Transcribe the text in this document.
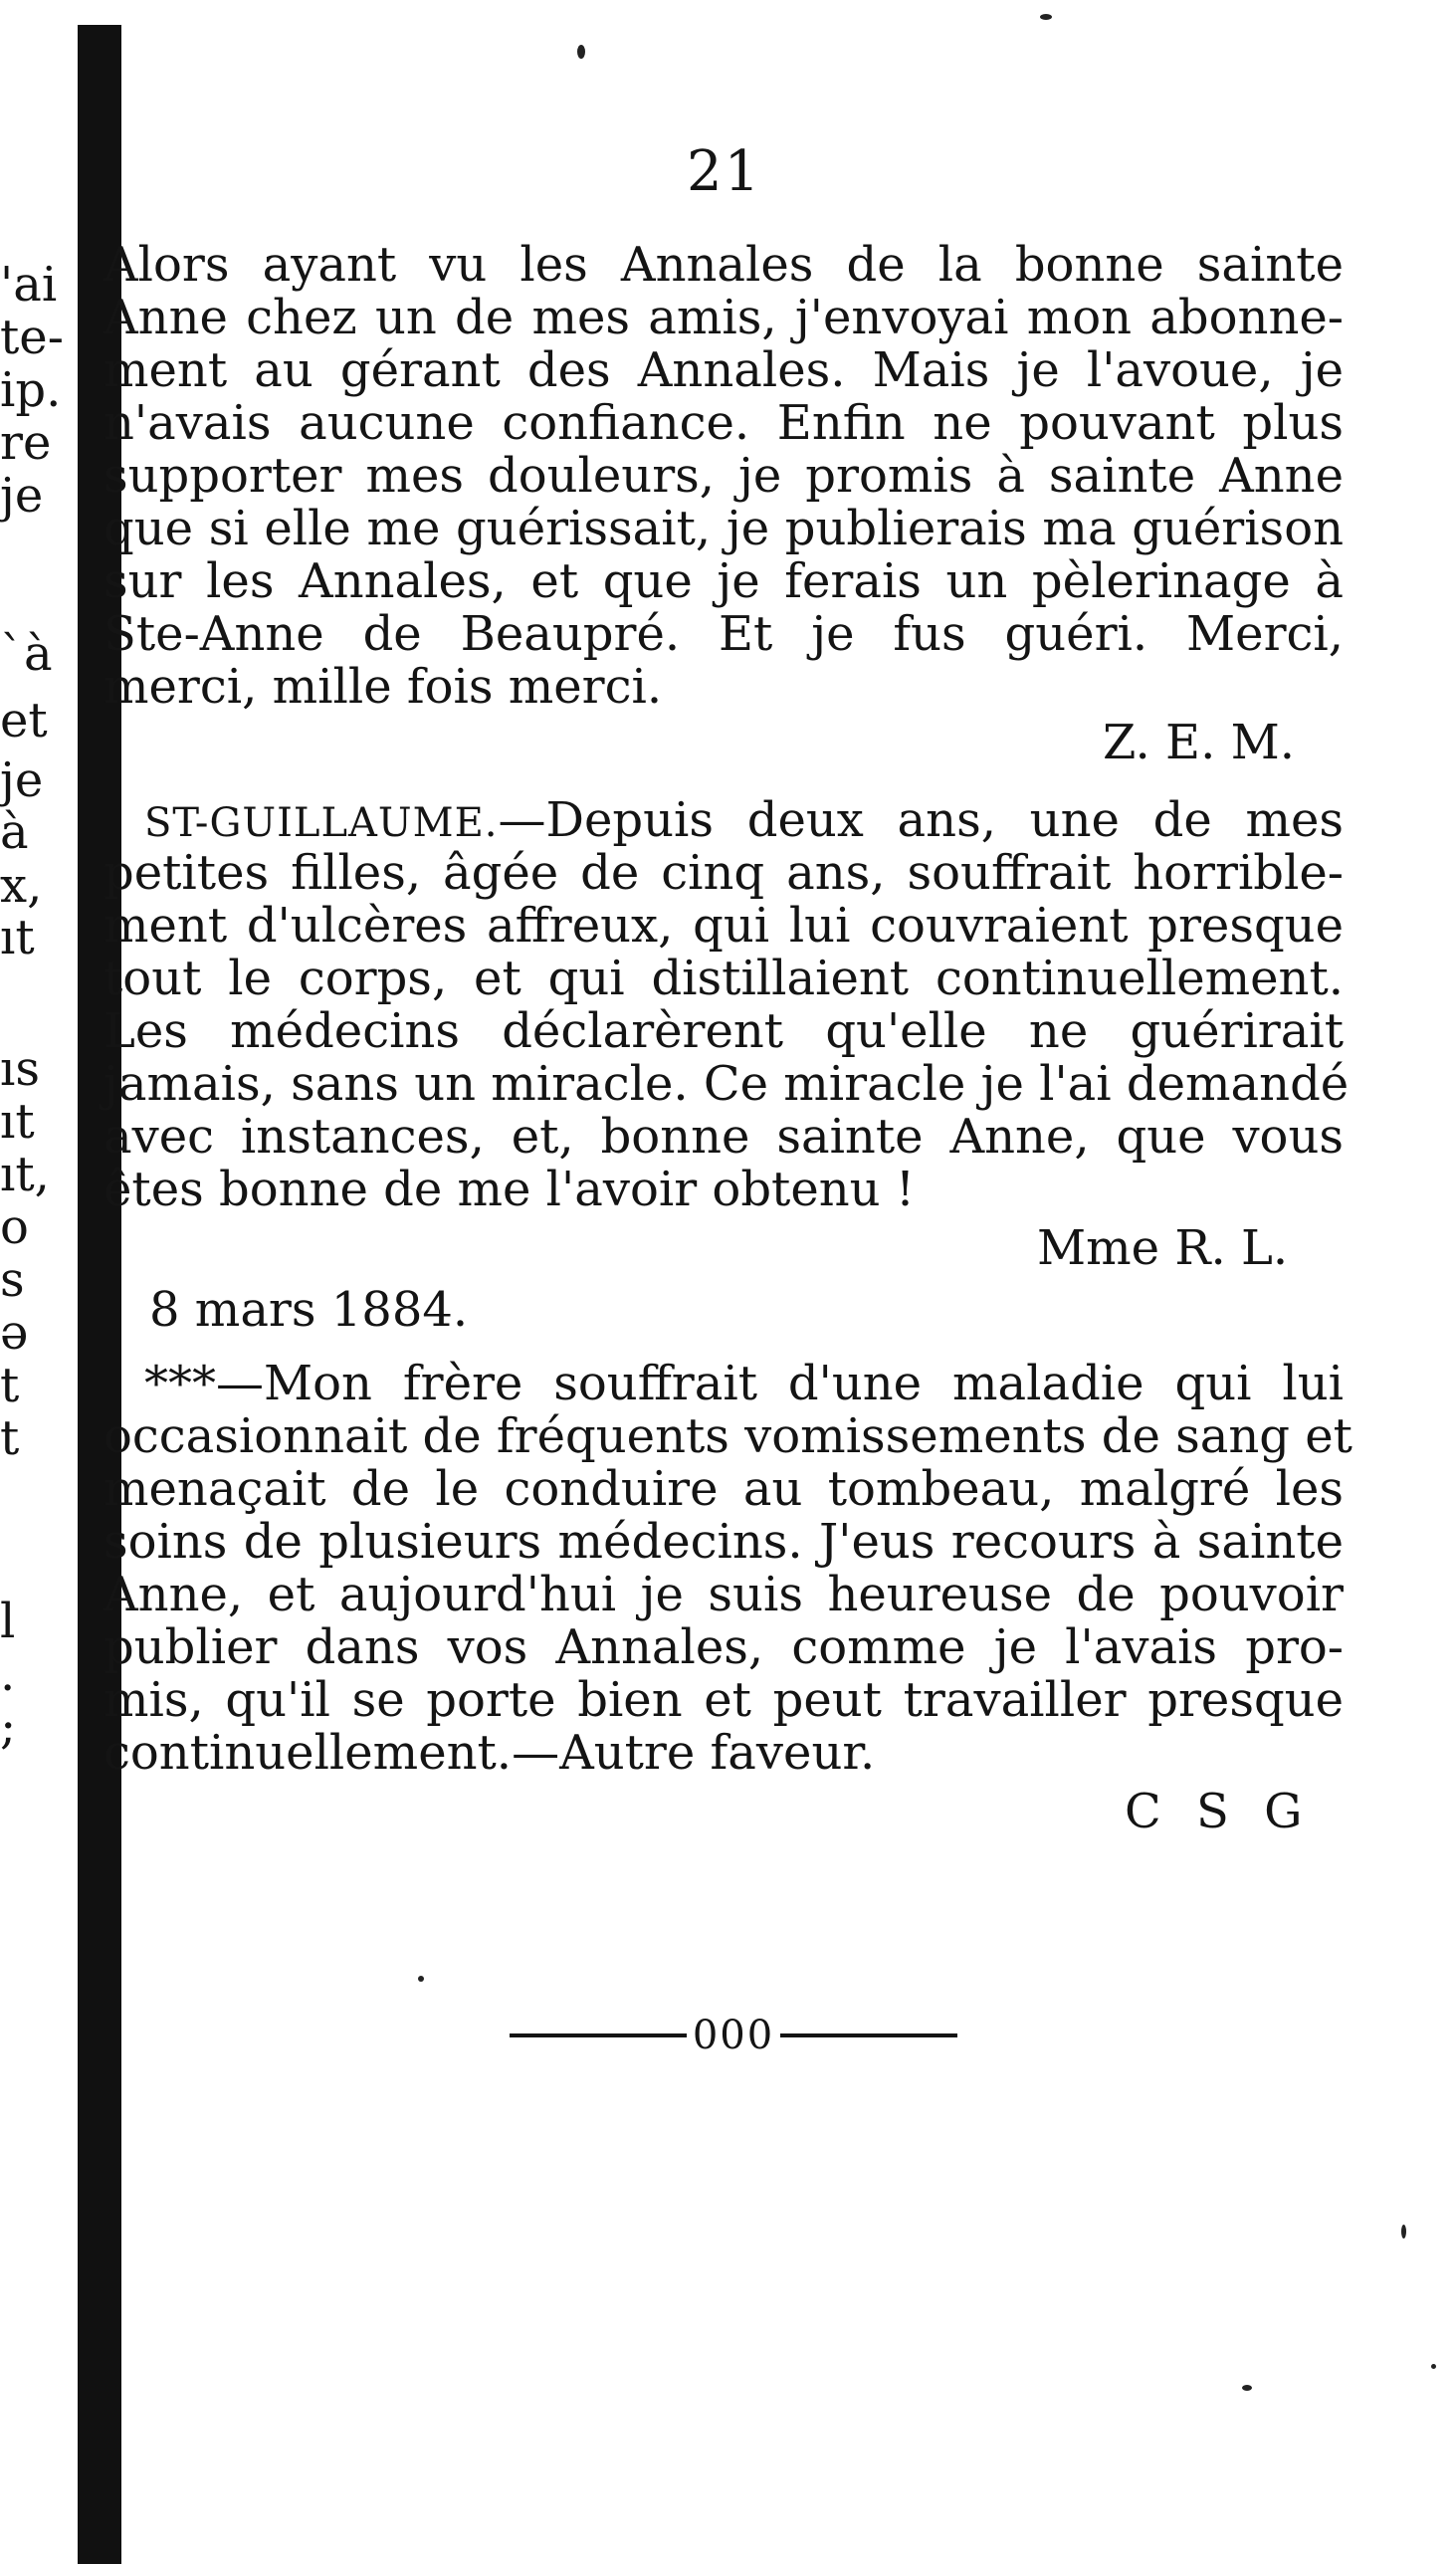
'ai
te-
ip.
re
je
`à
et
je
à
x,
ıt
ıs
ıt
ıt,
o
s
ə
t
t
l
.
;
21
Alors ayant vu les Annales de la bonne sainte
Anne chez un de mes amis, j'envoyai mon abonne-
ment au gérant des Annales. Mais je l'avoue, je
n'avais aucune confiance. Enfin ne pouvant plus
supporter mes douleurs, je promis à sainte Anne
que si elle me guérissait, je publierais ma guérison
sur les Annales, et que je ferais un pèlerinage à
Ste-Anne de Beaupré. Et je fus guéri. Merci,
merci, mille fois merci.
Z. E. M.
ST-GUILLAUME.—Depuis deux ans, une de mes
petites filles, âgée de cinq ans, souffrait horrible-
ment d'ulcères affreux, qui lui couvraient presque
tout le corps, et qui distillaient continuellement.
Les médecins déclarèrent qu'elle ne guérirait
jamais, sans un miracle. Ce miracle je l'ai demandé
avec instances, et, bonne sainte Anne, que vous
êtes bonne de me l'avoir obtenu !
Mme R. L.
8 mars 1884.
***—Mon frère souffrait d'une maladie qui lui
occasionnait de fréquents vomissements de sang et
menaçait de le conduire au tombeau, malgré les
soins de plusieurs médecins. J'eus recours à sainte
Anne, et aujourd'hui je suis heureuse de pouvoir
publier dans vos Annales, comme je l'avais pro-
mis, qu'il se porte bien et peut travailler presque
continuellement.—Autre faveur.
C S G
000
